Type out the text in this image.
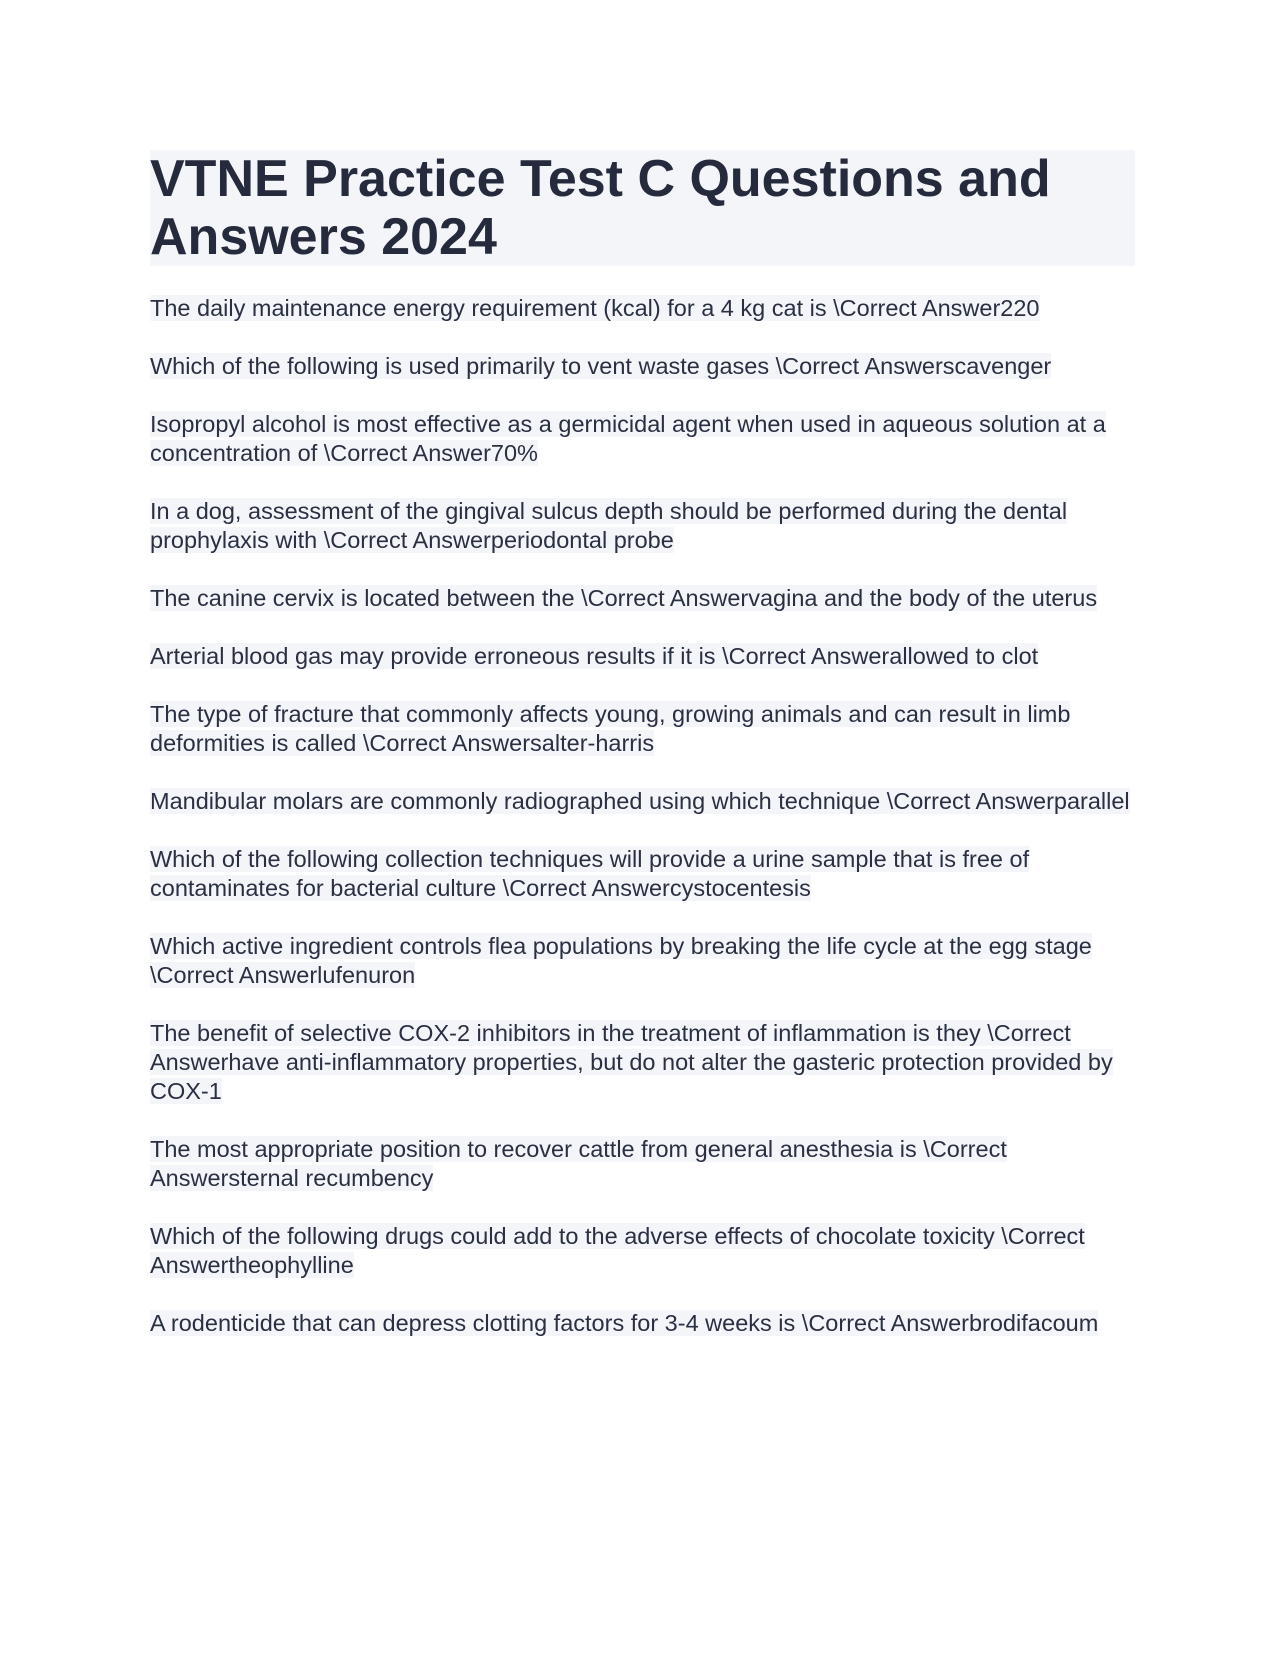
VTNE Practice Test C Questions and Answers 2024
The daily maintenance energy requirement (kcal) for a 4 kg cat is \Correct Answer220
Which of the following is used primarily to vent waste gases \Correct Answerscavenger
Isopropyl alcohol is most effective as a germicidal agent when used in aqueous solution at a concentration of \Correct Answer70%
In a dog, assessment of the gingival sulcus depth should be performed during the dental prophylaxis with \Correct Answerperiodontal probe
The canine cervix is located between the \Correct Answervagina and the body of the uterus
Arterial blood gas may provide erroneous results if it is \Correct Answerallowed to clot
The type of fracture that commonly affects young, growing animals and can result in limb deformities is called \Correct Answersalter-harris
Mandibular molars are commonly radiographed using which technique \Correct Answerparallel
Which of the following collection techniques will provide a urine sample that is free of contaminates for bacterial culture \Correct Answercystocentesis
Which active ingredient controls flea populations by breaking the life cycle at the egg stage \Correct Answerlufenuron
The benefit of selective COX-2 inhibitors in the treatment of inflammation is they \Correct Answerhave anti-inflammatory properties, but do not alter the gasteric protection provided by COX-1
The most appropriate position to recover cattle from general anesthesia is \Correct Answersternal recumbency
Which of the following drugs could add to the adverse effects of chocolate toxicity \Correct Answertheophylline
A rodenticide that can depress clotting factors for 3-4 weeks is \Correct Answerbrodifacoum
